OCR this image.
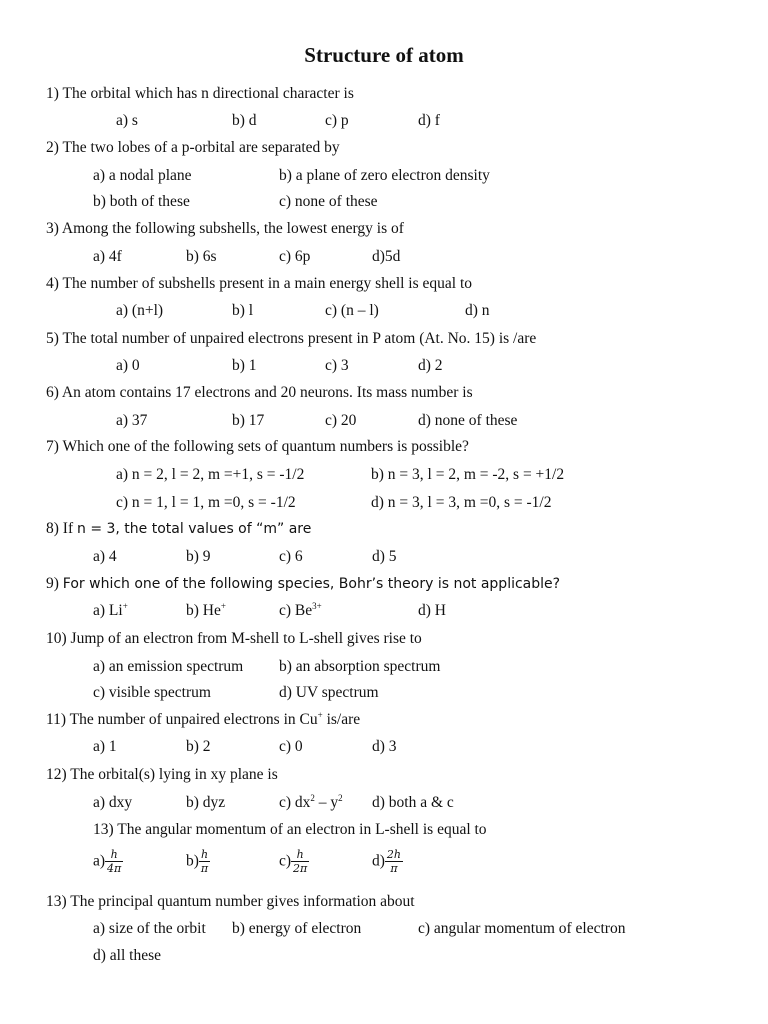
Structure of atom
1) The orbital which has n directional character is
a) s	b) d	c) p	d) f
2) The two lobes of a p-orbital are separated by
a) a nodal plane	b) a plane of zero electron density
b) both of these	c) none of these
3) Among the following subshells, the lowest energy is of
a) 4f	b) 6s	c) 6p	d)5d
4) The number of subshells present in a main energy shell is equal to
a) (n+l)	b) l	c) (n – l)	d) n
5) The total number of unpaired electrons present in P atom (At. No. 15) is /are
a) 0	b) 1	c) 3	d) 2
6) An atom contains 17 electrons and 20 neurons. Its mass number is
a) 37	b) 17	c) 20	d) none of these
7) Which one of the following sets of quantum numbers is possible?
a) n = 2, l = 2, m =+1, s = -1/2	b) n = 3, l = 2, m = -2, s = +1/2
c) n = 1, l = 1, m =0, s = -1/2	d) n = 3, l = 3, m =0, s = -1/2
8) If n = 3, the total values of “m” are
a) 4	b) 9	c) 6	d) 5
9) For which one of the following species, Bohr’s theory is not applicable?
a) Li+	b) He+	c) $Be^{3+}$	d) H
10) Jump of an electron from M-shell to L-shell gives rise to
a) an emission spectrum b) an absorption spectrum
c) visible spectrum	d) UV spectrum
11) The number of unpaired electrons in Cu+ is/are
a) 1	b) 2	c) 0	d) 3
12) The orbital(s) lying in xy plane is
a) dxy	b) dyz	c) $dx^2 - y^2$ d) both a & c
13) The angular momentum of an electron in L-shell is equal to
$a) \frac{h}{4\pi}$	$b) \frac{h}{\pi}$	$c) \frac{h}{2\pi}$	$d) \frac{2h}{\pi}$
13) The principal quantum number gives information about
a) size of the orbit b) energy of electron	c) angular momentum of electron
d) all these
